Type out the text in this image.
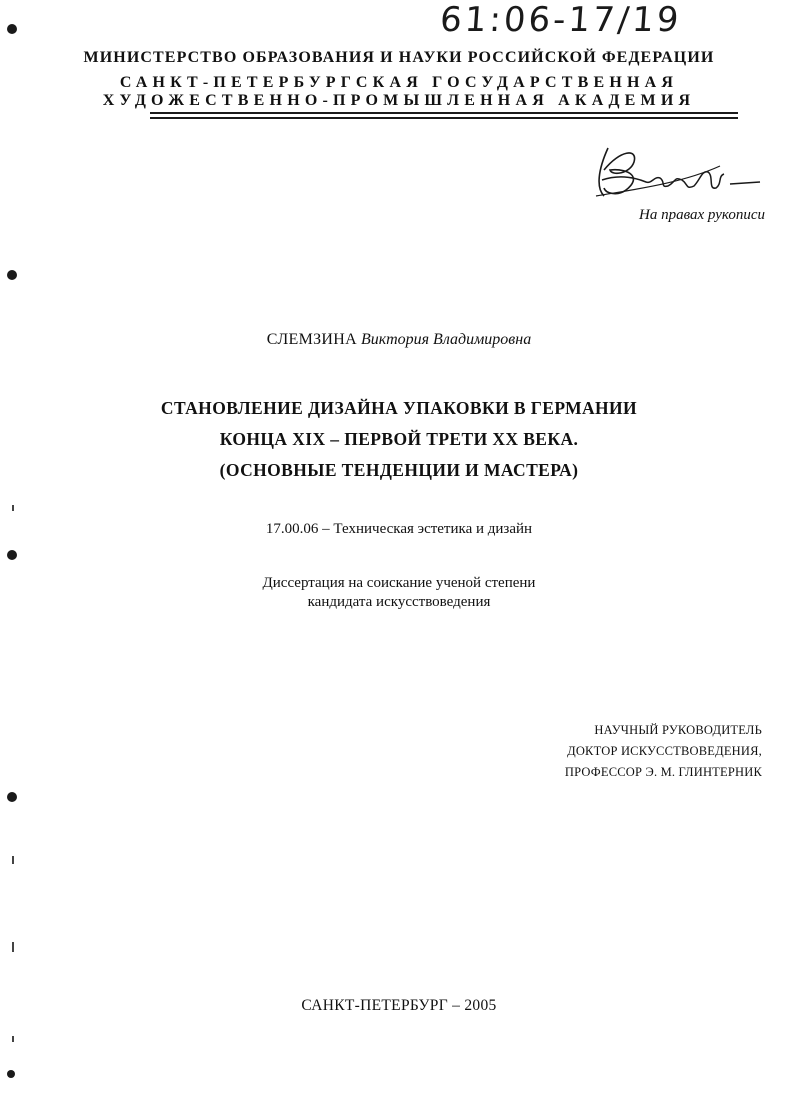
61:06-17/19
МИНИСТЕРСТВО ОБРАЗОВАНИЯ И НАУКИ РОССИЙСКОЙ ФЕДЕРАЦИИ
САНКТ-ПЕТЕРБУРГСКАЯ ГОСУДАРСТВЕННАЯ
ХУДОЖЕСТВЕННО-ПРОМЫШЛЕННАЯ АКАДЕМИЯ
На правах рукописи
СЛЕМЗИНА Виктория Владимировна
СТАНОВЛЕНИЕ ДИЗАЙНА УПАКОВКИ В ГЕРМАНИИ
КОНЦА XIX – ПЕРВОЙ ТРЕТИ XX ВЕКА.
(ОСНОВНЫЕ ТЕНДЕНЦИИ И МАСТЕРА)
17.00.06 – Техническая эстетика и дизайн
Диссертация на соискание ученой степени
кандидата искусствоведения
НАУЧНЫЙ РУКОВОДИТЕЛЬ
ДОКТОР ИСКУССТВОВЕДЕНИЯ,
ПРОФЕССОР Э. М. ГЛИНТЕРНИК
САНКТ-ПЕТЕРБУРГ – 2005
